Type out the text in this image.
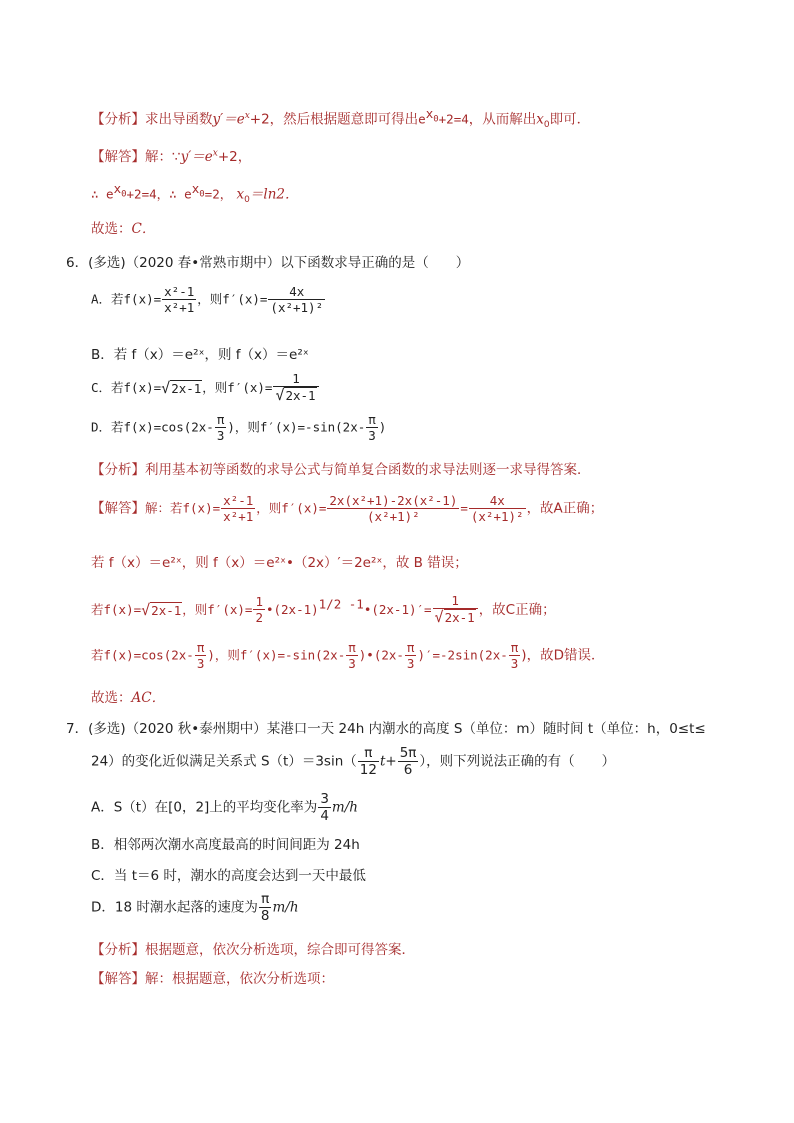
【分析】求出导函数$y'=e^x+2$，然后根据题意即可得出$e^{x_0}+2=4$，从而解出$x_0$即可．
【解答】解：$\because y'=e^x+2$，
∴ $e^{x_0}+2=4$，∴ $e^{x_0}=2$， $x_0=\ln 2$．
故选：C．
6．(多选)（2020 春•常熟市期中）以下函数求导正确的是（　　）
A．若$f(x)= \frac{\text{x²-1}}{\text{x²+1}}$ ，则$f'(x)= \frac{4x}{\text{(x²+1)²}}$
B．若 f（x）＝e²ˣ，则 f（x）＝e²ˣ
C．若f(x)=√2x-1，则$f'(x)= \frac{1}{√2x-1}$
D．若$f(x)=\cos(2x- \frac{\pi}{3}$ )，则$f'(x)=-\sin(2x- \frac{\pi}{3}$ )
【分析】利用基本初等函数的求导公式与简单复合函数的求导法则逐一求导得答案．
【解答】解：若$f(x)= \frac{\text{x²-1}}{\text{x²+1}}$ ，则$f'(x)= \frac{\text{2x(x²+1)-2x(x²-1)}}{\text{(x²+1)²}} = \frac{4x}{\text{(x²+1)²}}$ ，故A正确；
若 f（x）＝e²ˣ，则 f（x）＝e²ˣ•（2x）′＝2e²ˣ，故 B 错误；
若f(x)=√2x-1，则$f'(x)= \frac{1}{2}$ $•(2x-1)^{1/2 -1}•(2x-1)'= \frac{1}{√2x-1}$ ，故C正确；
若$f(x)=\cos(2x- \frac{\pi}{3}$ )，则$f'(x)=-\sin(2x- \frac{\pi}{3}$ )•(2x- $\frac{\pi}{3} )'=-2\sin(2x- \frac{\pi}{3}$ )，故D错误．
故选：AC．
7．(多选)（2020 秋•泰州期中）某港口一天 24h 内潮水的高度 S（单位：m）随时间 t（单位：h，0≤t≤
24）的变化近似满足关系式 $S(t)=3\sin( \frac{\pi}{12} t+ \frac{5\pi}{6}$ ），则下列说法正确的有（　　）
A．S（t）在[0，2]上的平均变化率为 $\frac{3}{4} m/h$
B．相邻两次潮水高度最高的时间间距为 24h
C．当 t＝6 时，潮水的高度会达到一天中最低
D．18 时潮水起落的速度为 $\frac{\pi}{8} m/h$
【分析】根据题意，依次分析选项，综合即可得答案．
【解答】解：根据题意，依次分析选项：
